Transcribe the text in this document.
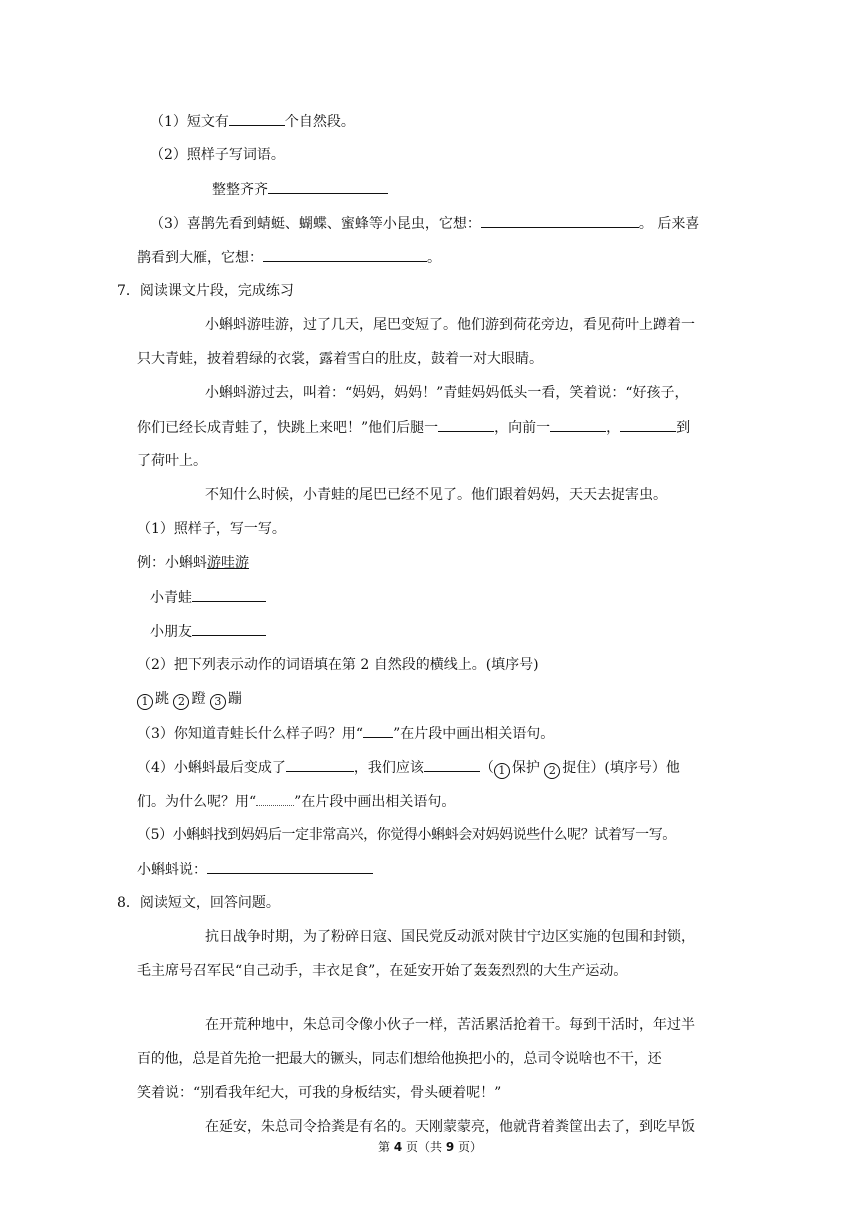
（1）短文有	个自然段。
（2）照样子写词语。
整整齐齐
（3）喜鹊先看到蜻蜓、蝴蝶、蜜蜂等小昆虫，它想：	。 后来喜
鹊看到大雁，它想：	。
7．阅读课文片段，完成练习
小蝌蚪游哇游，过了几天，尾巴变短了。他们游到荷花旁边，看见荷叶上蹲着一
只大青蛙，披着碧绿的衣裳，露着雪白的肚皮，鼓着一对大眼睛。
小蝌蚪游过去，叫着：“妈妈，妈妈！”青蛙妈妈低头一看，笑着说：“好孩子，
你们已经长成青蛙了，快跳上来吧！”他们后腿一	，向前一	，	到
了荷叶上。
不知什么时候，小青蛙的尾巴已经不见了。他们跟着妈妈，天天去捉害虫。
（1）照样子，写一写。
例：小蝌蚪游哇游
小青蛙
小朋友
（2）把下列表示动作的词语填在第 2 自然段的横线上。(填序号)
1 跳 2 蹬 3 蹦
（3）你知道青蛙长什么样子吗？用“ ”在片段中画出相关语句。
（4）小蝌蚪最后变成了	，我们应该	（ 1 保护 2 捉住）(填序号）他
们。为什么呢？用“	”在片段中画出相关语句。
（5）小蝌蚪找到妈妈后一定非常高兴，你觉得小蝌蚪会对妈妈说些什么呢？试着写一写。
小蝌蚪说：
8．阅读短文，回答问题。
抗日战争时期，为了粉碎日寇、国民党反动派对陕甘宁边区实施的包围和封锁，
毛主席号召军民“自己动手，丰衣足食”，在延安开始了轰轰烈烈的大生产运动。
在开荒种地中，朱总司令像小伙子一样，苦活累活抢着干。每到干活时，年过半
百的他，总是首先抢一把最大的镢头，同志们想给他换把小的，总司令说啥也不干，还
笑着说：“别看我年纪大，可我的身板结实，骨头硬着呢！”
在延安，朱总司令拾粪是有名的。天刚蒙蒙亮，他就背着粪筐出去了，到吃早饭
第 4 页（共 9 页）
